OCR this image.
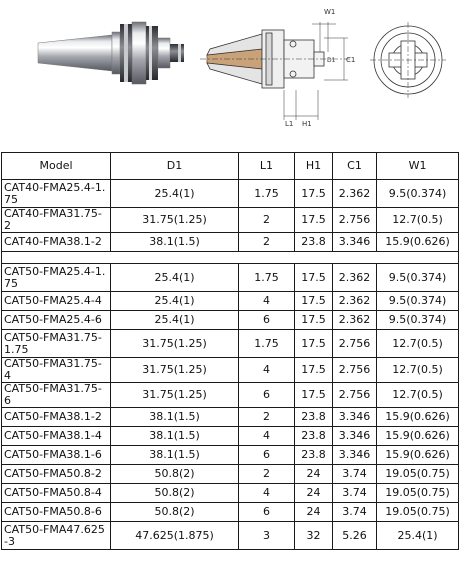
W1
C1
L1 H1
D1
Model	D1	L1	H1	C1	W1
CAT40-FMA25.4-1.75	25.4(1)	1.75	17.5	2.362	9.5(0.374)
CAT40-FMA31.75-2	31.75(1.25)	2	17.5	2.756	12.7(0.5)
CAT40-FMA38.1-2	38.1(1.5)	2	23.8	3.346	15.9(0.626)

CAT50-FMA25.4-1.75	25.4(1)	1.75	17.5	2.362	9.5(0.374)
CAT50-FMA25.4-4	25.4(1)	4	17.5	2.362	9.5(0.374)
CAT50-FMA25.4-6	25.4(1)	6	17.5	2.362	9.5(0.374)
CAT50-FMA31.75-1.75	31.75(1.25)	1.75	17.5	2.756	12.7(0.5)
CAT50-FMA31.75-4	31.75(1.25)	4	17.5	2.756	12.7(0.5)
CAT50-FMA31.75-6	31.75(1.25)	6	17.5	2.756	12.7(0.5)
CAT50-FMA38.1-2	38.1(1.5)	2	23.8	3.346	15.9(0.626)
CAT50-FMA38.1-4	38.1(1.5)	4	23.8	3.346	15.9(0.626)
CAT50-FMA38.1-6	38.1(1.5)	6	23.8	3.346	15.9(0.626)
CAT50-FMA50.8-2	50.8(2)	2	24	3.74	19.05(0.75)
CAT50-FMA50.8-4	50.8(2)	4	24	3.74	19.05(0.75)
CAT50-FMA50.8-6	50.8(2)	6	24	3.74	19.05(0.75)
CAT50-FMA47.625-3	47.625(1.875)	3	32	5.26	25.4(1)
